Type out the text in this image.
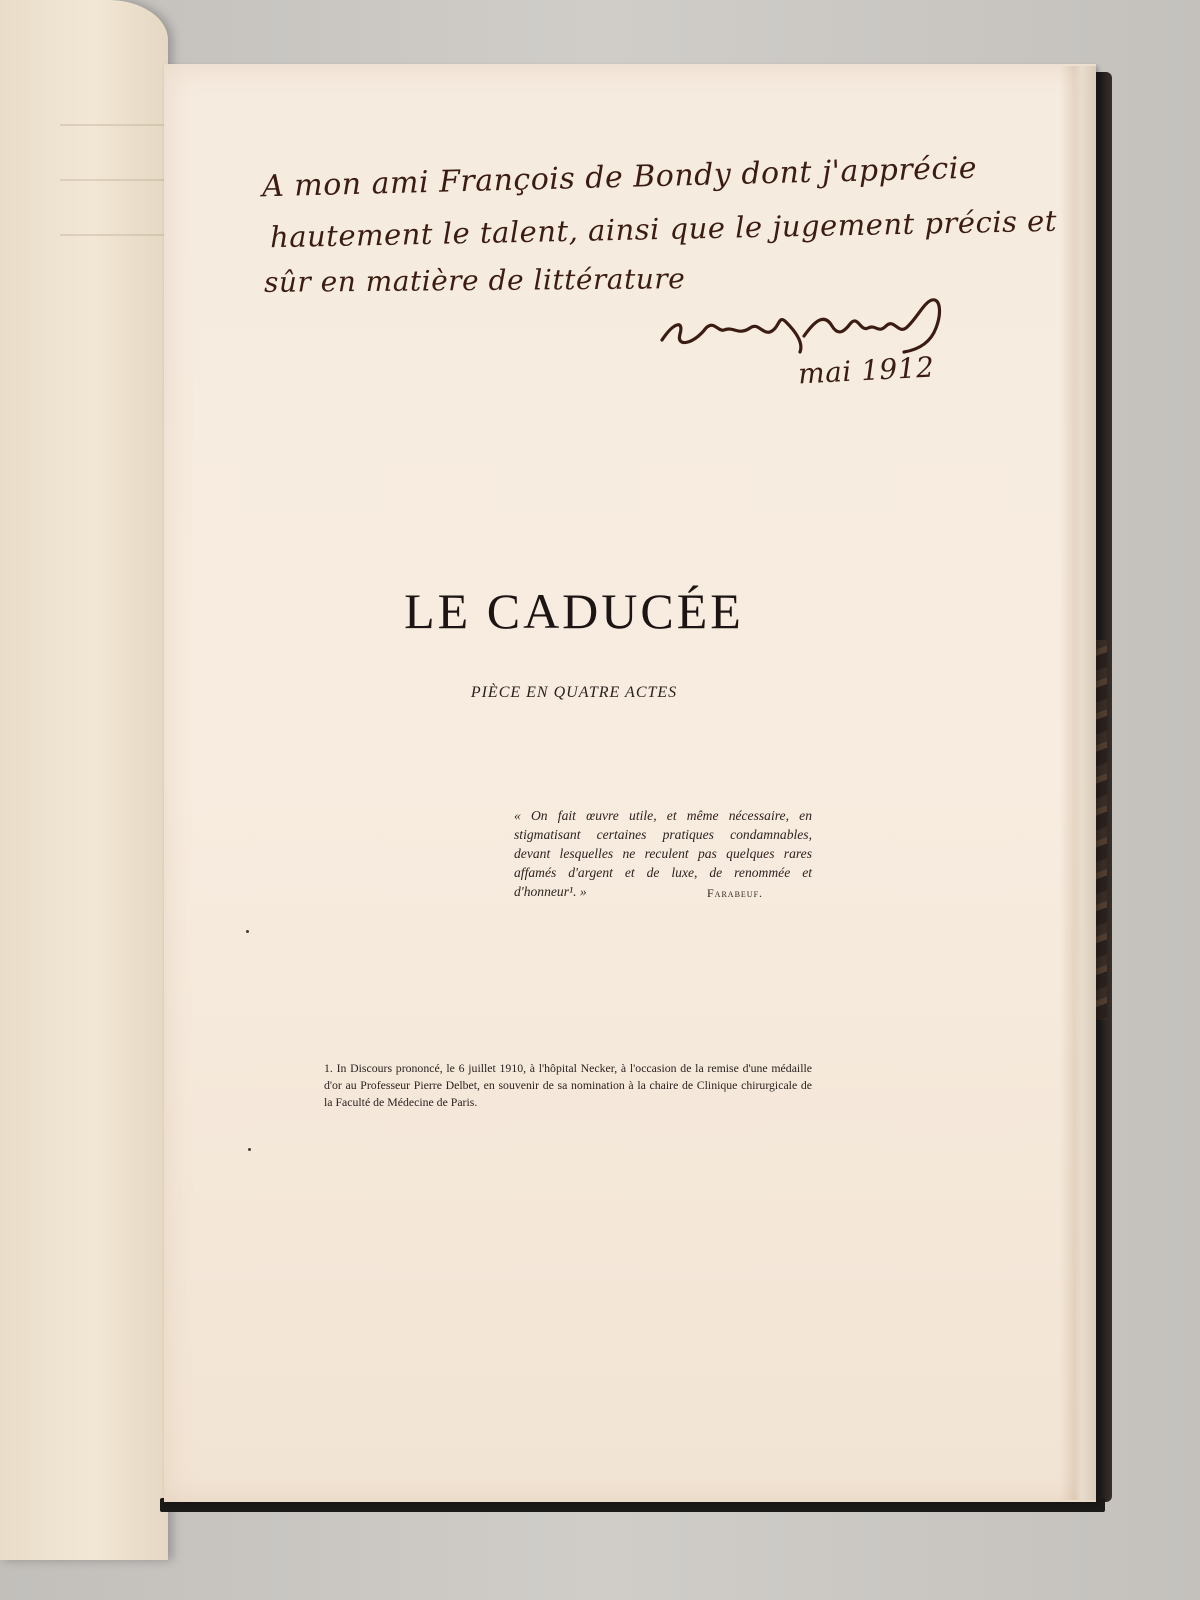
A mon ami François de Bondy dont j'apprécie
hautement le talent, ainsi que le jugement précis et
sûr en matière de littérature
mai 1912
LE CADUCÉE
PIÈCE EN QUATRE ACTES
« On fait œuvre utile, et même nécessaire, en stigmatisant certaines pratiques condamnables, devant lesquelles ne reculent pas quelques rares affamés d'argent et de luxe, de renommée et d'honneur¹. »	Farabeuf.
1. In Discours prononcé, le 6 juillet 1910, à l'hôpital Necker, à l'occasion de la remise d'une médaille d'or au Professeur Pierre Delbet, en souvenir de sa nomination à la chaire de Clinique chirurgicale de la Faculté de Médecine de Paris.
